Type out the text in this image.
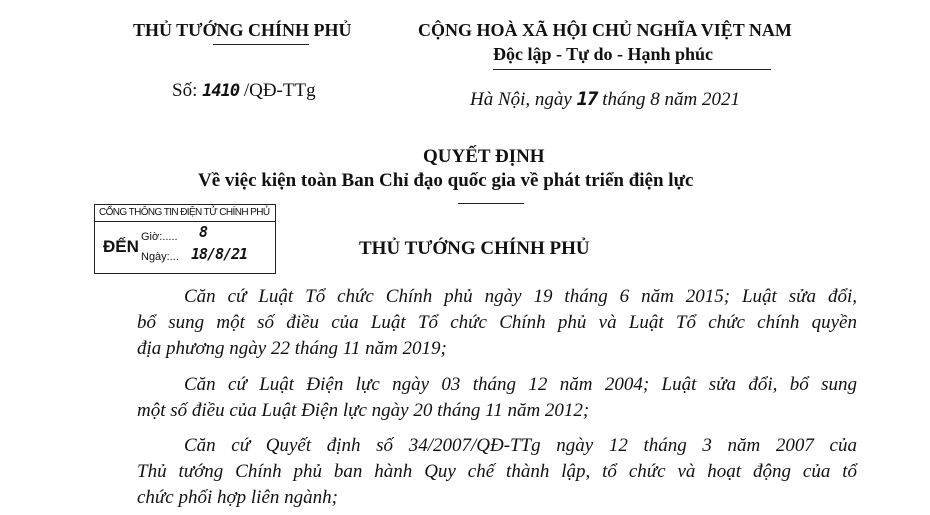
THỦ TƯỚNG CHÍNH PHỦ	CỘNG HOÀ XÃ HỘI CHỦ NGHĨA VIỆT NAM
Độc lập - Tự do - Hạnh phúc
Số: 1410 /QĐ-TTg	Hà Nội, ngày 17 tháng 8 năm 2021
QUYẾT ĐỊNH
Về việc kiện toàn Ban Chỉ đạo quốc gia về phát triển điện lực
CỔNG THÔNG TIN ĐIỆN TỬ CHÍNH PHỦ
ĐẾN Giờ:..... 8
Ngày:... 18/8/21	THỦ TƯỚNG CHÍNH PHỦ
Căn cứ Luật Tổ chức Chính phủ ngày 19 tháng 6 năm 2015; Luật sửa đổi,
bổ sung một số điều của Luật Tổ chức Chính phủ và Luật Tổ chức chính quyền
địa phương ngày 22 tháng 11 năm 2019;
Căn cứ Luật Điện lực ngày 03 tháng 12 năm 2004; Luật sửa đổi, bổ sung
một số điều của Luật Điện lực ngày 20 tháng 11 năm 2012;
Căn cứ Quyết định số 34/2007/QĐ-TTg ngày 12 tháng 3 năm 2007 của
Thủ tướng Chính phủ ban hành Quy chế thành lập, tổ chức và hoạt động của tổ
chức phối hợp liên ngành;
